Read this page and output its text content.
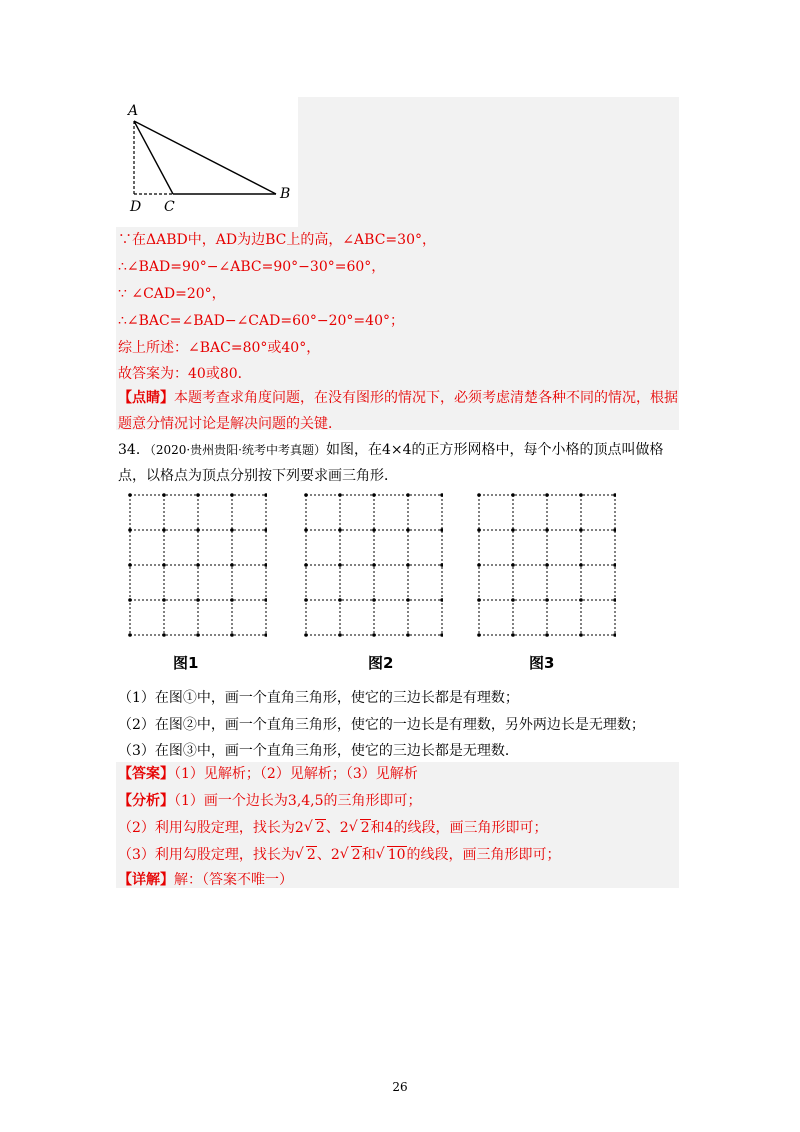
A
B
C
D
∵在ΔABD中，AD为边BC上的高，∠ABC=30°，
∴∠BAD=90°−∠ABC=90°−30°=60°，
∵ ∠CAD=20°，
∴∠BAC=∠BAD−∠CAD=60°−20°=40°；
综上所述：∠BAC=80°或40°，
故答案为：40或80．
【点睛】本题考查求角度问题，在没有图形的情况下，必须考虑清楚各种不同的情况，根据题意分情况讨论是解决问题的关键．
34．（2020·贵州贵阳·统考中考真题）如图，在4×4的正方形网格中，每个小格的顶点叫做格点，以格点为顶点分别按下列要求画三角形．
图1	图2	图3
（1）在图①中，画一个直角三角形，使它的三边长都是有理数；
（2）在图②中，画一个直角三角形，使它的一边长是有理数，另外两边长是无理数；
（3）在图③中，画一个直角三角形，使它的三边长都是无理数．
【答案】（1）见解析；（2）见解析；（3）见解析
【分析】（1）画一个边长为3,4,5的三角形即可；
（2）利用勾股定理，找长为2 √ 2、2 √ 2和4的线段，画三角形即可；
（3）利用勾股定理，找长为 √ 2、2 √ 2和 √ 10的线段，画三角形即可；
【详解】解：（答案不唯一）
26
